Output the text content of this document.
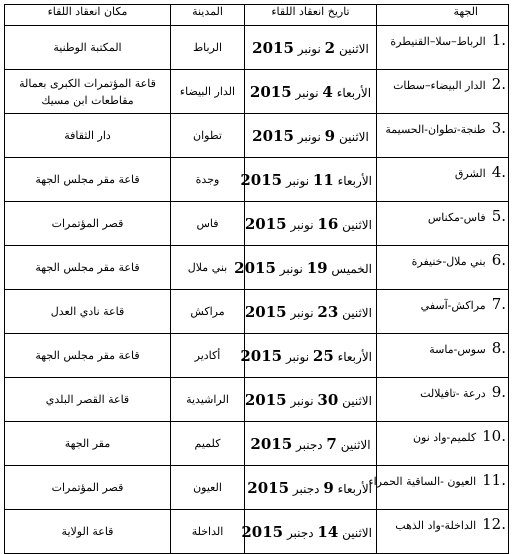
الجهة	تاريخ انعقاد اللقاء	المدينة	مكان انعقاد اللقاء
1.الرباط–سلا–القنيطرة	الاثنين 2 نونبر 2015	الرباط	المكتبة الوطنية
2.الدار البيضاء–سطات	الأربعاء 4 نونبر 2015	الدار البيضاء	قاعة المؤتمرات الكبرى بعمالة مقاطعات ابن مسيك
3.طنجة-تطوان-الحسيمة	الاثنين 9 نونبر 2015	تطوان	دار الثقافة
4.الشرق	الأربعاء 11 نونبر 2015	وجدة	قاعة مقر مجلس الجهة
5.فاس-مكناس	الاثنين 16 نونبر 2015	فاس	قصر المؤتمرات
6.بني ملال-خنيفرة	الخميس 19 نونبر 2015	بني ملال	قاعة مقر مجلس الجهة
7.مراكش-آسفي	الاثنين 23 نونبر 2015	مراكش	قاعة نادي العدل
8.سوس-ماسة	الأربعاء 25 نونبر 2015	أكادير	قاعة مقر مجلس الجهة
9.درعة -تافيلالت	الاثنين 30 نونبر 2015	الراشيدية	قاعة القصر البلدي
10.كلميم-واد نون	الاثنين 7 دجنبر 2015	كلميم	مقر الجهة
11.العيون -الساقية الحمراء	الأربعاء 9 دجنبر 2015	العيون	قصر المؤتمرات
12.الداخلة-واد الذهب	الاثنين 14 دجنبر 2015	الداخلة	قاعة الولاية
